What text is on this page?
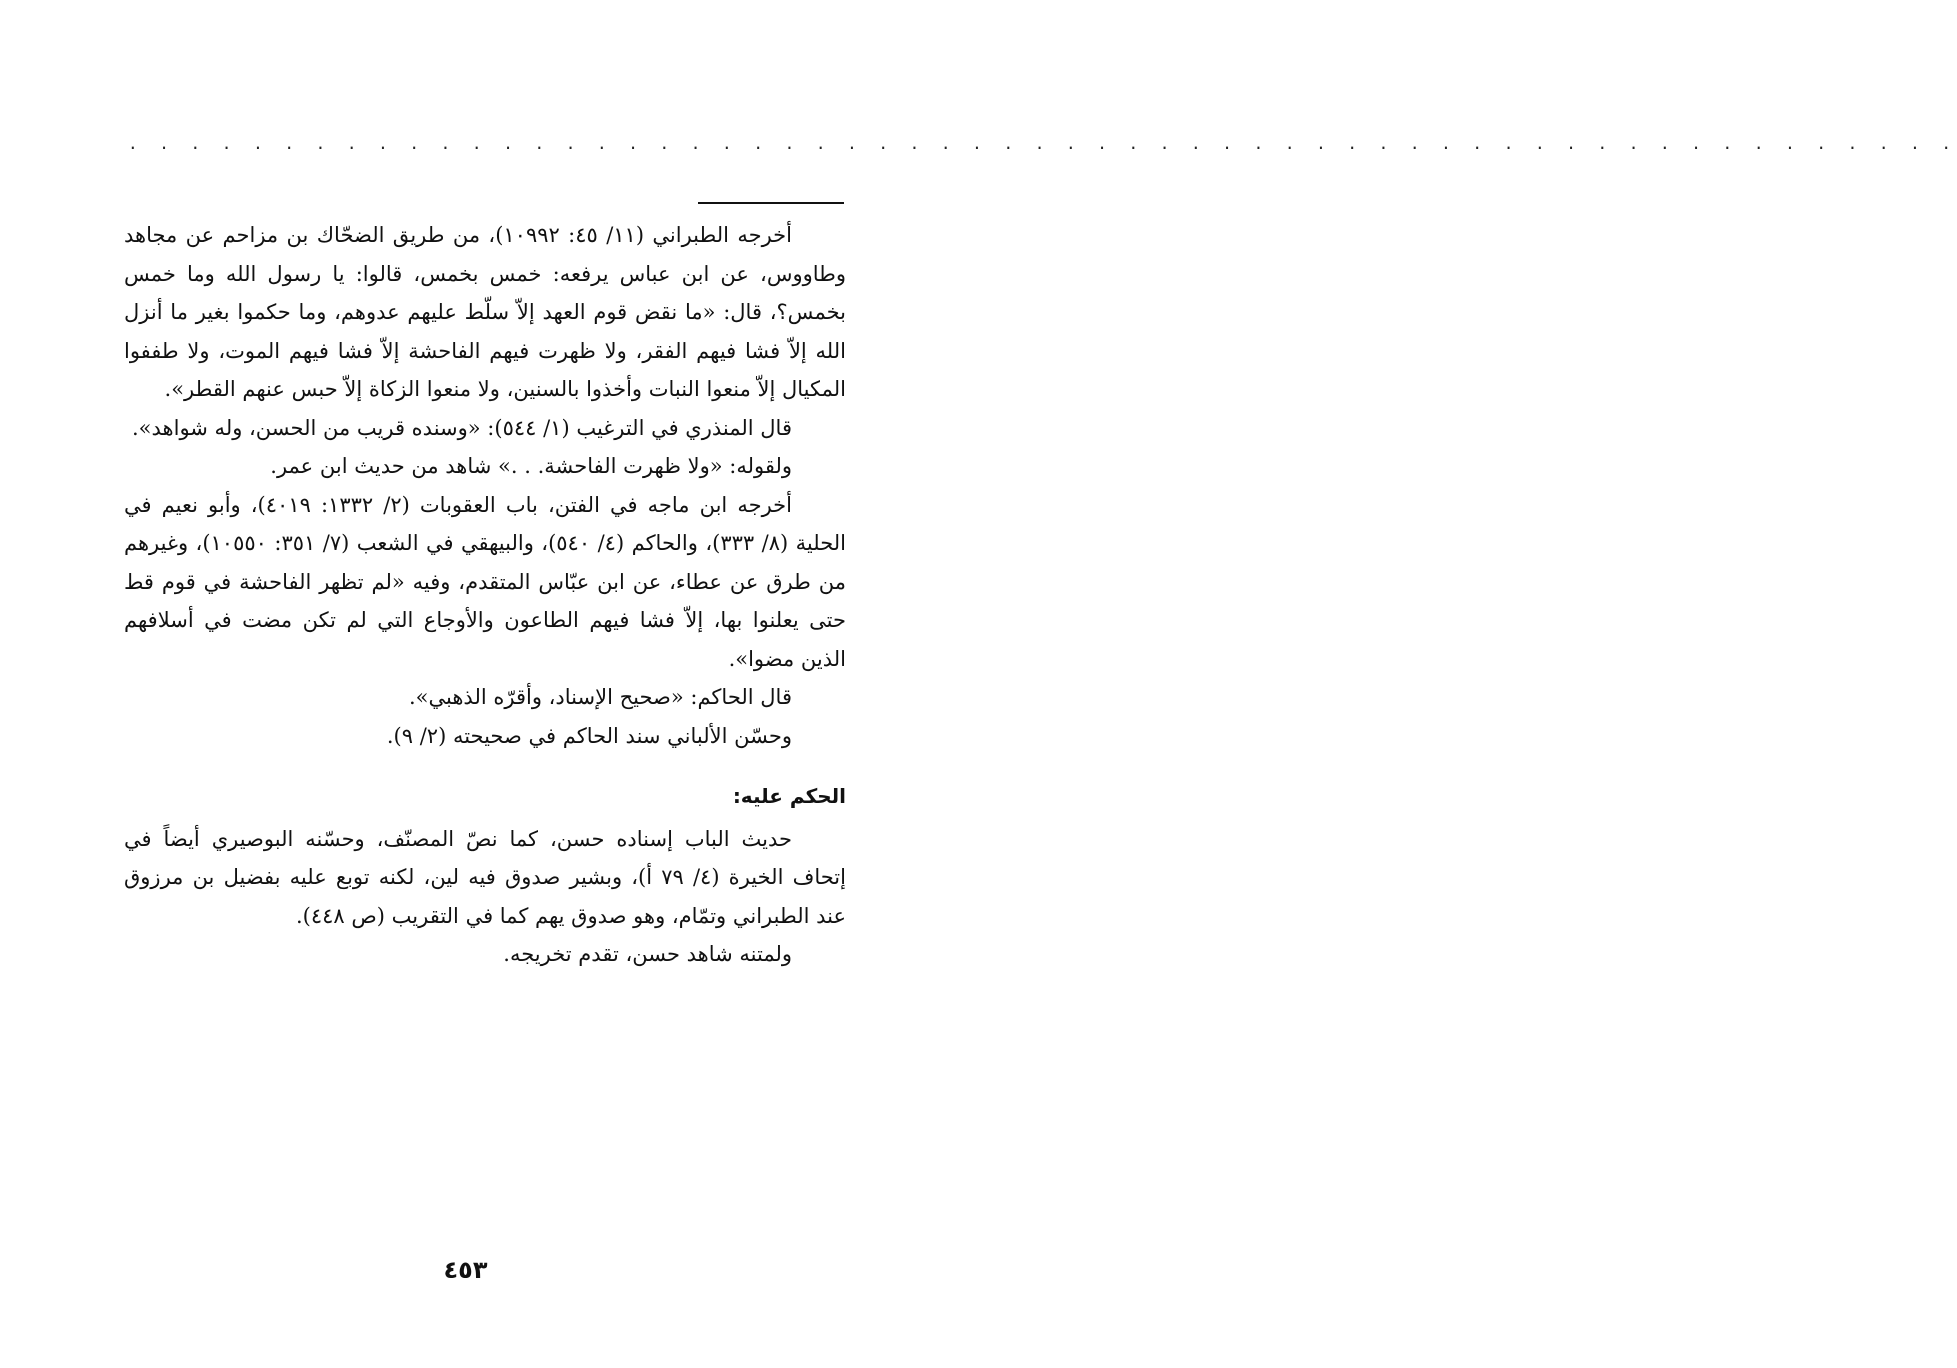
. . . . . . . . . . . . . . . . . . . . . . . . . . . . . . . . . . . . . . . . . . . . . . . . . . . . . . . . . . .

أخرجه الطبراني (١١/ ٤٥: ١٠٩٩٢)، من طريق الضحّاك بن مزاحم عن مجاهد وطاووس، عن ابن عباس يرفعه: خمس بخمس، قالوا: يا رسول الله وما خمس بخمس؟، قال: «ما نقض قوم العهد إلاّ سلّط عليهم عدوهم، وما حكموا بغير ما أنزل الله إلاّ فشا فيهم الفقر، ولا ظهرت فيهم الفاحشة إلاّ فشا فيهم الموت، ولا طففوا المكيال إلاّ منعوا النبات وأخذوا بالسنين، ولا منعوا الزكاة إلاّ حبس عنهم القطر».

قال المنذري في الترغيب (١/ ٥٤٤): «وسنده قريب من الحسن، وله شواهد».

ولقوله: «ولا ظهرت الفاحشة. . .» شاهد من حديث ابن عمر.

أخرجه ابن ماجه في الفتن، باب العقوبات (٢/ ١٣٣٢: ٤٠١٩)، وأبو نعيم في الحلية (٨/ ٣٣٣)، والحاكم (٤/ ٥٤٠)، والبيهقي في الشعب (٧/ ٣٥١: ١٠٥٥٠)، وغيرهم من طرق عن عطاء، عن ابن عبّاس المتقدم، وفيه «لم تظهر الفاحشة في قوم قط حتى يعلنوا بها، إلاّ فشا فيهم الطاعون والأوجاع التي لم تكن مضت في أسلافهم الذين مضوا».

قال الحاكم: «صحيح الإسناد، وأقرّه الذهبي».

وحسّن الألباني سند الحاكم في صحيحته (٢/ ٩).

الحكم عليه:

حديث الباب إسناده حسن، كما نصّ المصنّف، وحسّنه البوصيري أيضاً في إتحاف الخيرة (٤/ ٧٩ أ)، وبشير صدوق فيه لين، لكنه توبع عليه بفضيل بن مرزوق عند الطبراني وتمّام، وهو صدوق يهم كما في التقريب (ص ٤٤٨).

ولمتنه شاهد حسن، تقدم تخريجه.

٤٥٣
